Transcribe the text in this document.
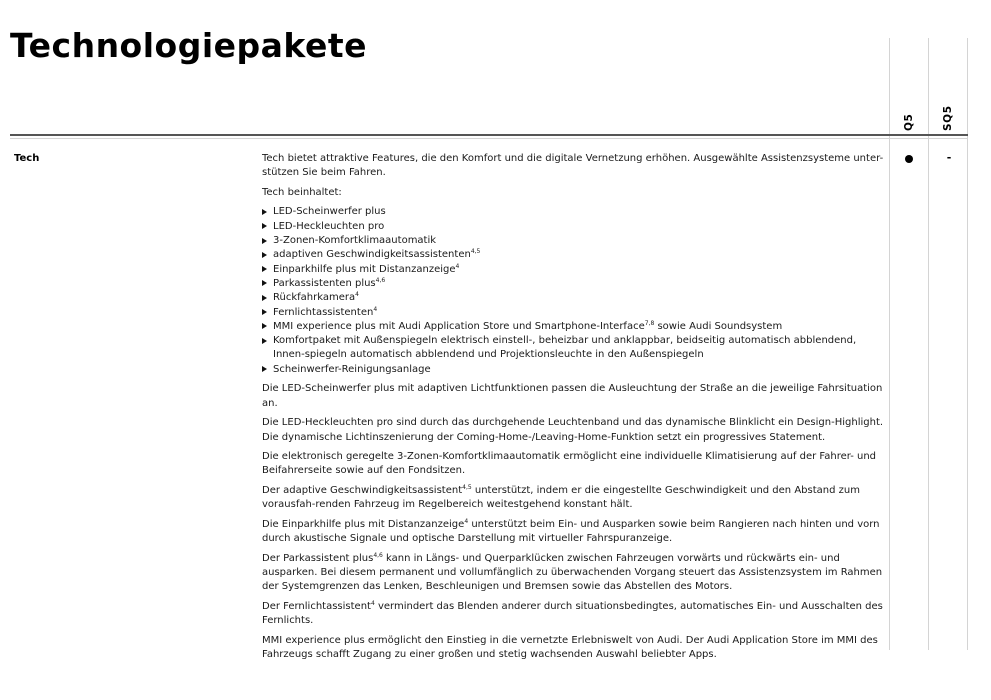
Technologiepakete
Q5	SQ5
Tech	-

Tech bietet attraktive Features, die den Komfort und die digitale Vernetzung erhöhen. Ausgewählte Assistenzsysteme unter-stützen Sie beim Fahren.

Tech beinhaltet:

LED-Scheinwerfer plus
LED-Heckleuchten pro
3-Zonen-Komfortklimaautomatik
adaptiven Geschwindigkeitsassistenten$^{4,5}$
Einparkhilfe plus mit Distanzanzeige$^4$
Parkassistenten plus$^{4,6}$
Rückfahrkamera$^4$
Fernlichtassistenten$^4$
MMI experience plus mit Audi Application Store und Smartphone-Interface$^{7,8}$ sowie Audi Soundsystem
Komfortpaket mit Außenspiegeln elektrisch einstell-, beheizbar und anklappbar, beidseitig automatisch abblendend, Innen-spiegeln automatisch abblendend und Projektionsleuchte in den Außenspiegeln
Scheinwerfer-Reinigungsanlage

Die LED-Scheinwerfer plus mit adaptiven Lichtfunktionen passen die Ausleuchtung der Straße an die jeweilige Fahrsituation an.

Die LED-Heckleuchten pro sind durch das durchgehende Leuchtenband und das dynamische Blinklicht ein Design-Highlight. Die dynamische Lichtinszenierung der Coming-Home-/Leaving-Home-Funktion setzt ein progressives Statement.

Die elektronisch geregelte 3-Zonen-Komfortklimaautomatik ermöglicht eine individuelle Klimatisierung auf der Fahrer- und Beifahrerseite sowie auf den Fondsitzen.

Der adaptive Geschwindigkeitsassistent$^{4,5}$ unterstützt, indem er die eingestellte Geschwindigkeit und den Abstand zum vorausfah-renden Fahrzeug im Regelbereich weitestgehend konstant hält.

Die Einparkhilfe plus mit Distanzanzeige$^4$ unterstützt beim Ein- und Ausparken sowie beim Rangieren nach hinten und vorn durch akustische Signale und optische Darstellung mit virtueller Fahrspuranzeige.

Der Parkassistent plus$^{4,6}$ kann in Längs- und Querparklücken zwischen Fahrzeugen vorwärts und rückwärts ein- und ausparken. Bei diesem permanent und vollumfänglich zu überwachenden Vorgang steuert das Assistenzsystem im Rahmen der Systemgrenzen das Lenken, Beschleunigen und Bremsen sowie das Abstellen des Motors.

Der Fernlichtassistent$^4$ vermindert das Blenden anderer durch situationsbedingtes, automatisches Ein- und Ausschalten des Fernlichts.

MMI experience plus ermöglicht den Einstieg in die vernetzte Erlebniswelt von Audi. Der Audi Application Store im MMI des Fahrzeugs schafft Zugang zu einer großen und stetig wachsenden Auswahl beliebter Apps.
